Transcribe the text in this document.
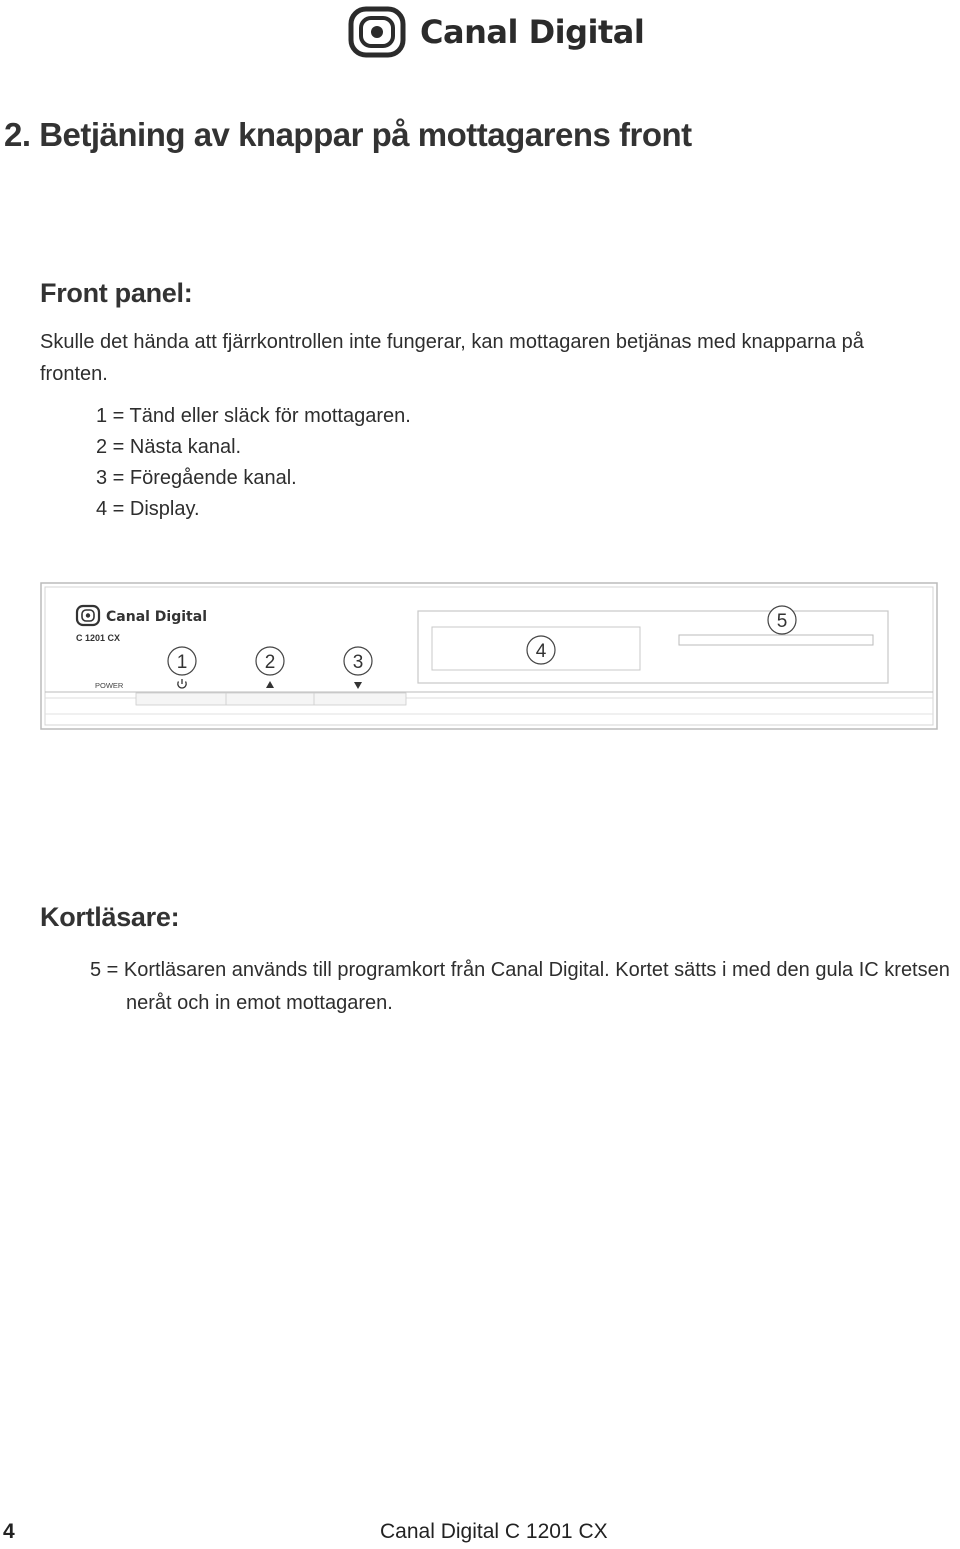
Canal Digital
2. Betjäning av knappar på mottagarens front
Front panel:

Skulle det hända att fjärrkontrollen inte fungerar, kan mottagaren betjänas med knapparna på fronten.

1 = Tänd eller släck för mottagaren.
2 = Nästa kanal.
3 = Föregående kanal.
4 = Display.
Canal Digital
C 1201 CX
POWER
1	2	3
4
5
Kortläsare:

5 = Kortläsaren används till programkort från Canal Digital. Kortet sätts i med den gula IC kretsen neråt och in emot mottagaren.

4	Canal Digital C 1201 CX
